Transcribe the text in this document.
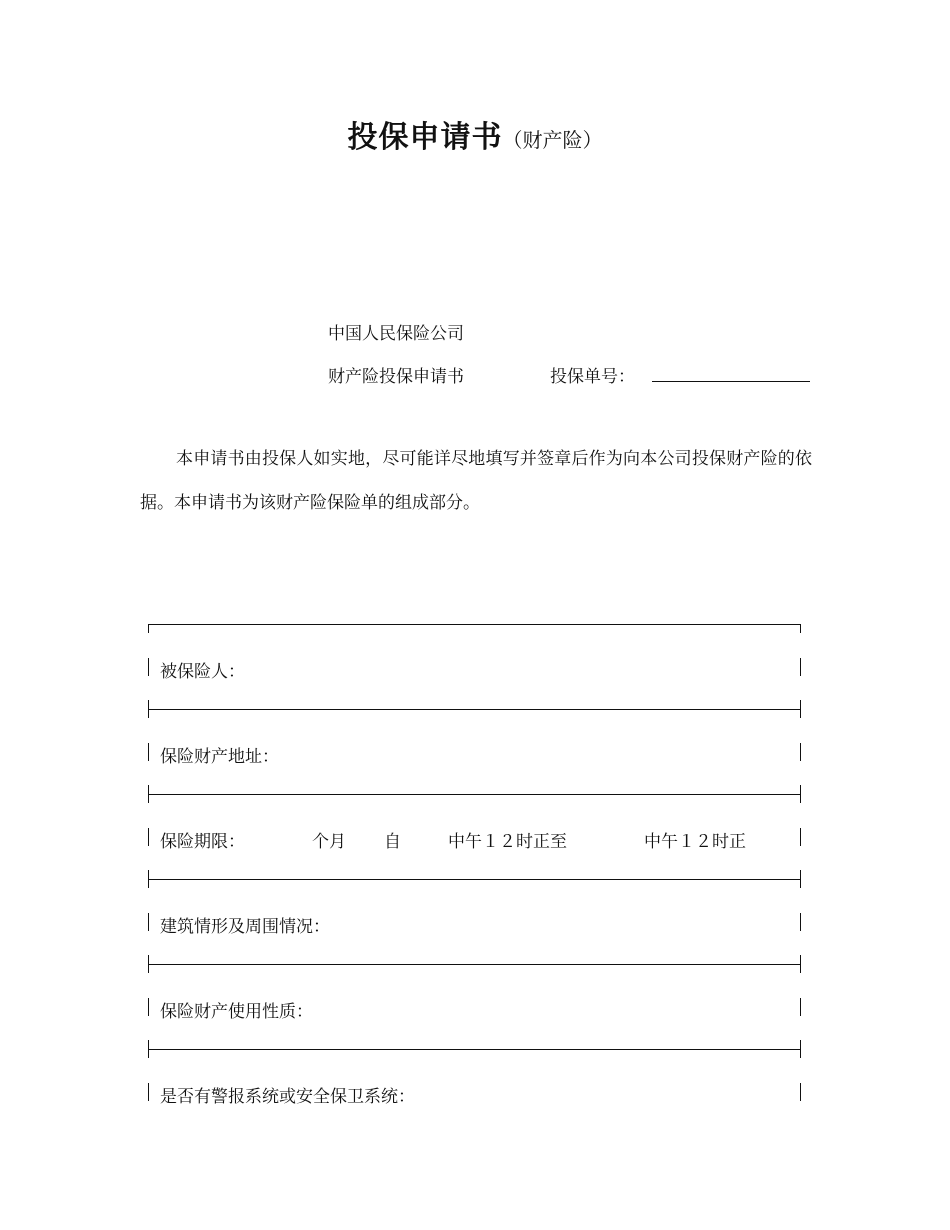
投保申请书（财产险）
中国人民保险公司
财产险投保申请书	投保单号：

本申请书由投保人如实地，尽可能详尽地填写并签章后作为向本公司投保财产险的依据。本申请书为该财产险保险单的组成部分。

被保险人：
保险财产地址：
保险期限：	个月 自	中午１２时正至	中午１２时正
建筑情形及周围情况：
保险财产使用性质：
是否有警报系统或安全保卫系统：
